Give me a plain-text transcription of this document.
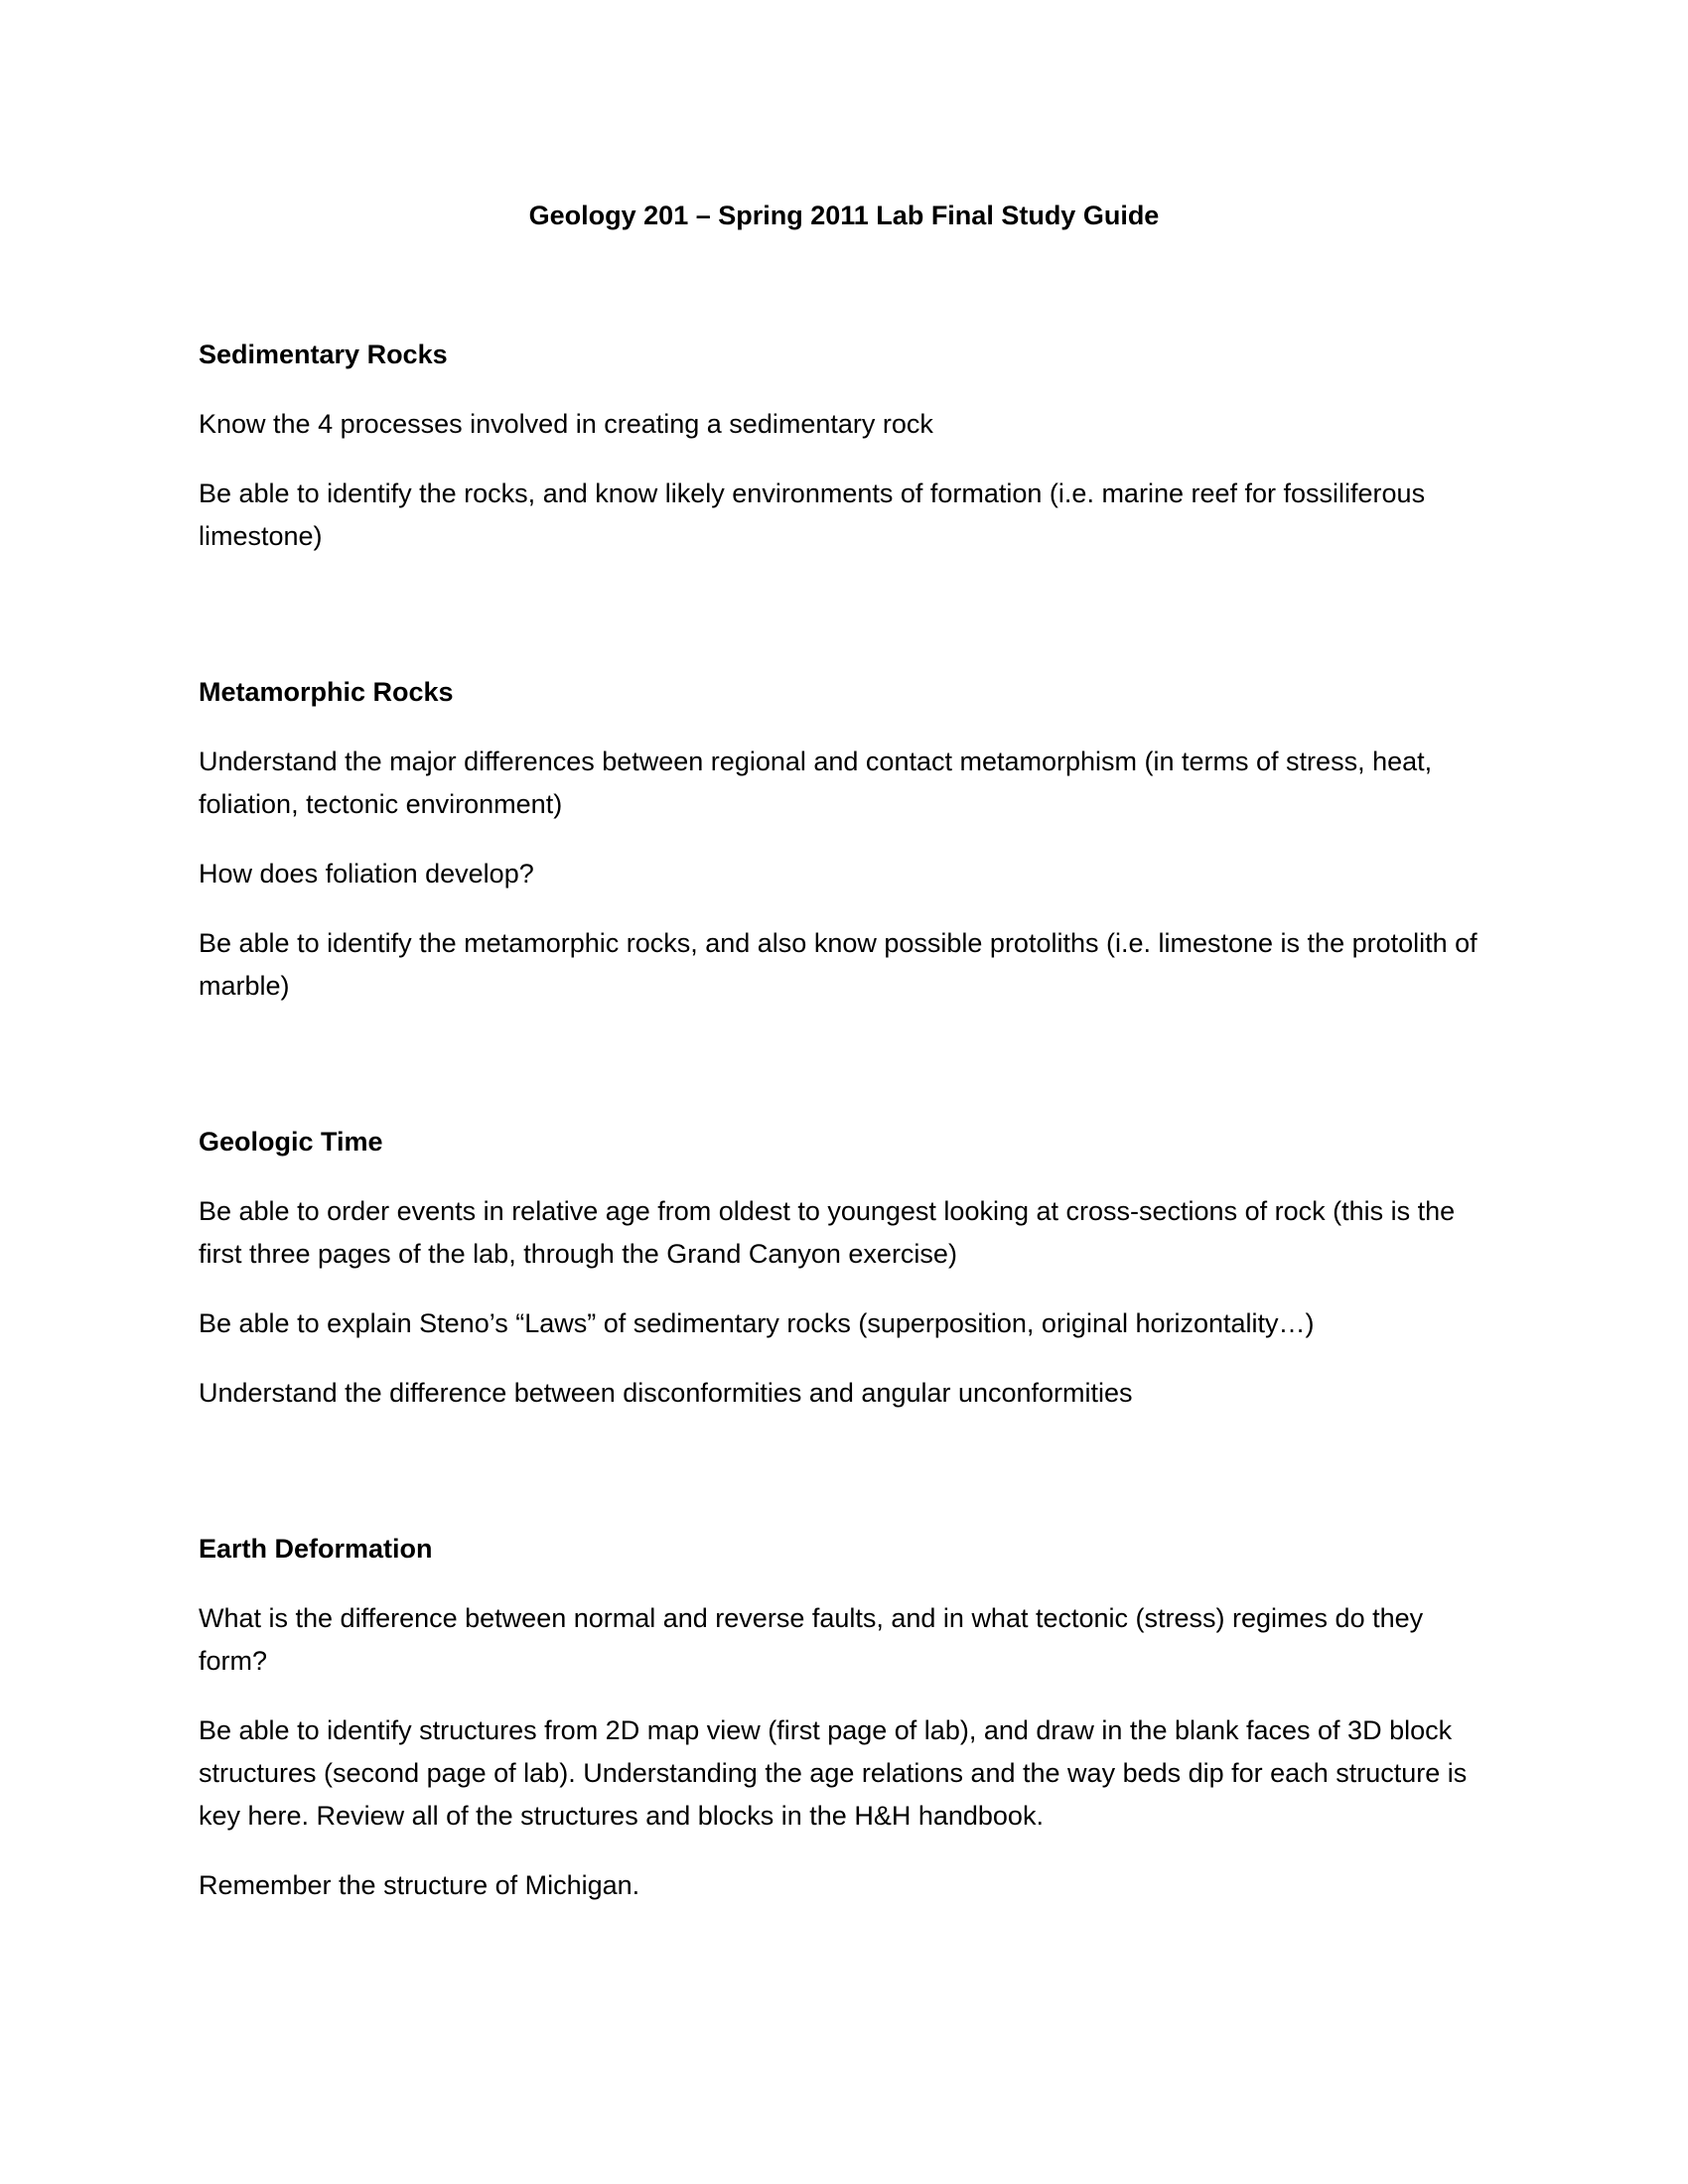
Geology 201 – Spring 2011 Lab Final Study Guide

Sedimentary Rocks

Know the 4 processes involved in creating a sedimentary rock

Be able to identify the rocks, and know likely environments of formation (i.e. marine reef for fossiliferous limestone)

Metamorphic Rocks

Understand the major differences between regional and contact metamorphism (in terms of stress, heat, foliation, tectonic environment)

How does foliation develop?

Be able to identify the metamorphic rocks, and also know possible protoliths (i.e. limestone is the protolith of marble)

Geologic Time

Be able to order events in relative age from oldest to youngest looking at cross-sections of rock (this is the first three pages of the lab, through the Grand Canyon exercise)

Be able to explain Steno’s “Laws” of sedimentary rocks (superposition, original horizontality…)

Understand the difference between disconformities and angular unconformities

Earth Deformation

What is the difference between normal and reverse faults, and in what tectonic (stress) regimes do they form?

Be able to identify structures from 2D map view (first page of lab), and draw in the blank faces of 3D block structures (second page of lab). Understanding the age relations and the way beds dip for each structure is key here. Review all of the structures and blocks in the H&H handbook.

Remember the structure of Michigan.
